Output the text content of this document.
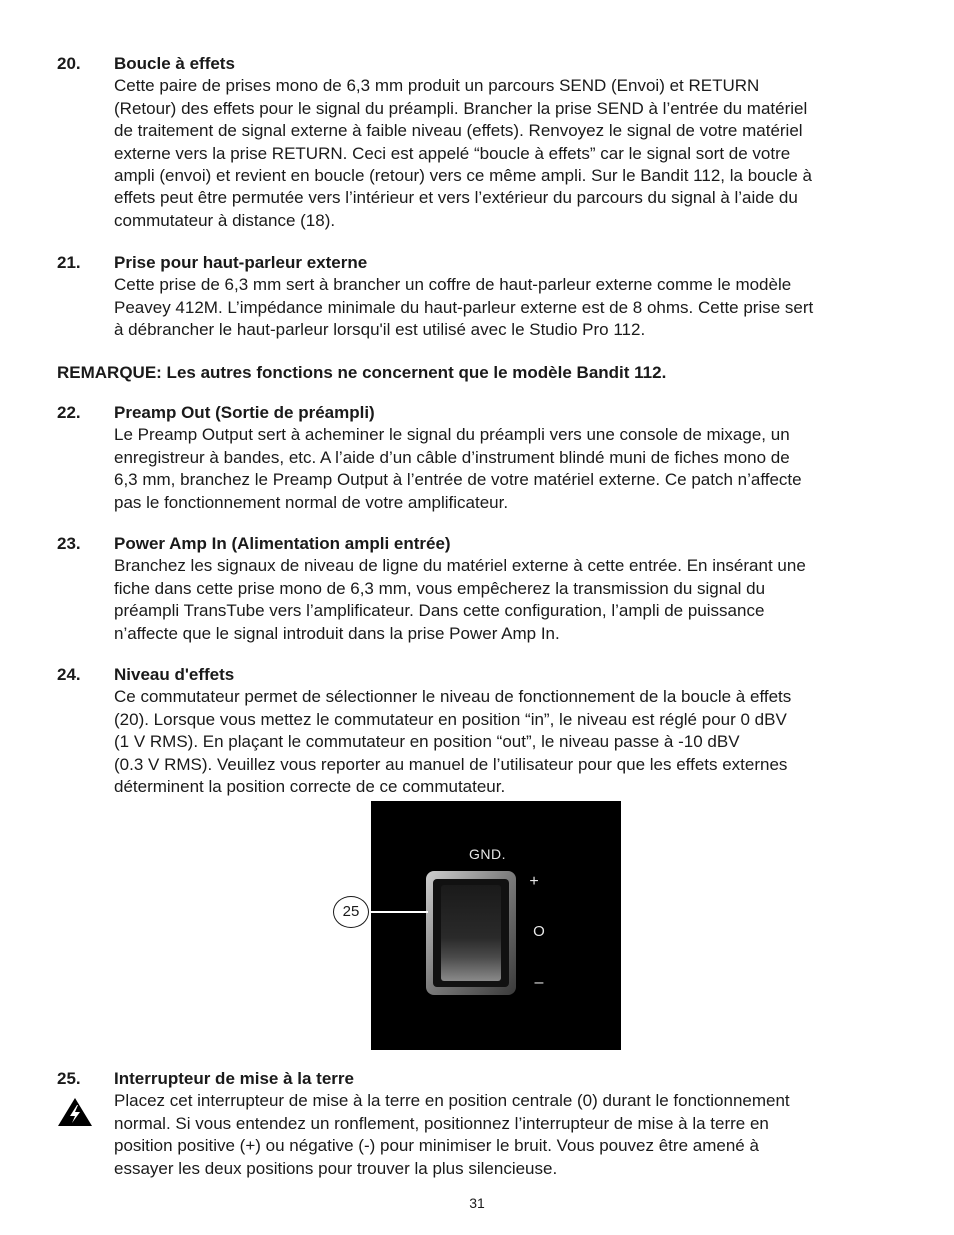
20. Boucle à effets
Cette paire de prises mono de 6,3 mm produit un parcours SEND (Envoi) et RETURN
(Retour) des effets pour le signal du préampli. Brancher la prise SEND à l’entrée du matériel
de traitement de signal externe à faible niveau (effets). Renvoyez le signal de votre matériel
externe vers la prise RETURN. Ceci est appelé “boucle à effets” car le signal sort de votre
ampli (envoi) et revient en boucle (retour) vers ce même ampli. Sur le Bandit 112, la boucle à
effets peut être permutée vers l’intérieur et vers l’extérieur du parcours du signal à l’aide du
commutateur à distance (18).
21. Prise pour haut-parleur externe
Cette prise de 6,3 mm sert à brancher un coffre de haut-parleur externe comme le modèle
Peavey 412M. L’impédance minimale du haut-parleur externe est de 8 ohms. Cette prise sert
à débrancher le haut-parleur lorsqu'il est utilisé avec le Studio Pro 112.
REMARQUE: Les autres fonctions ne concernent que le modèle Bandit 112.
22. Preamp Out (Sortie de préampli)
Le Preamp Output sert à acheminer le signal du préampli vers une console de mixage, un
enregistreur à bandes, etc. A l’aide d’un câble d’instrument blindé muni de fiches mono de
6,3 mm, branchez le Preamp Output à l’entrée de votre matériel externe. Ce patch n’affecte
pas le fonctionnement normal de votre amplificateur.
23. Power Amp In (Alimentation ampli entrée)
Branchez les signaux de niveau de ligne du matériel externe à cette entrée. En insérant une
fiche dans cette prise mono de 6,3 mm, vous empêcherez la transmission du signal du
préampli TransTube vers l’amplificateur. Dans cette configuration, l’ampli de puissance
n’affecte que le signal introduit dans la prise Power Amp In.
24. Niveau d'effets
Ce commutateur permet de sélectionner le niveau de fonctionnement de la boucle à effets
(20). Lorsque vous mettez le commutateur en position “in”, le niveau est réglé pour 0 dBV
(1 V RMS). En plaçant le commutateur en position “out”, le niveau passe à -10 dBV
(0.3 V RMS). Veuillez vous reporter au manuel de l’utilisateur pour que les effets externes
déterminent la position correcte de ce commutateur.
GND.
+
O
–
25
25. Interrupteur de mise à la terre
Placez cet interrupteur de mise à la terre en position centrale (0) durant le fonctionnement
normal. Si vous entendez un ronflement, positionnez l’interrupteur de mise à la terre en
position positive (+) ou négative (-) pour minimiser le bruit. Vous pouvez être amené à
essayer les deux positions pour trouver la plus silencieuse.
31
